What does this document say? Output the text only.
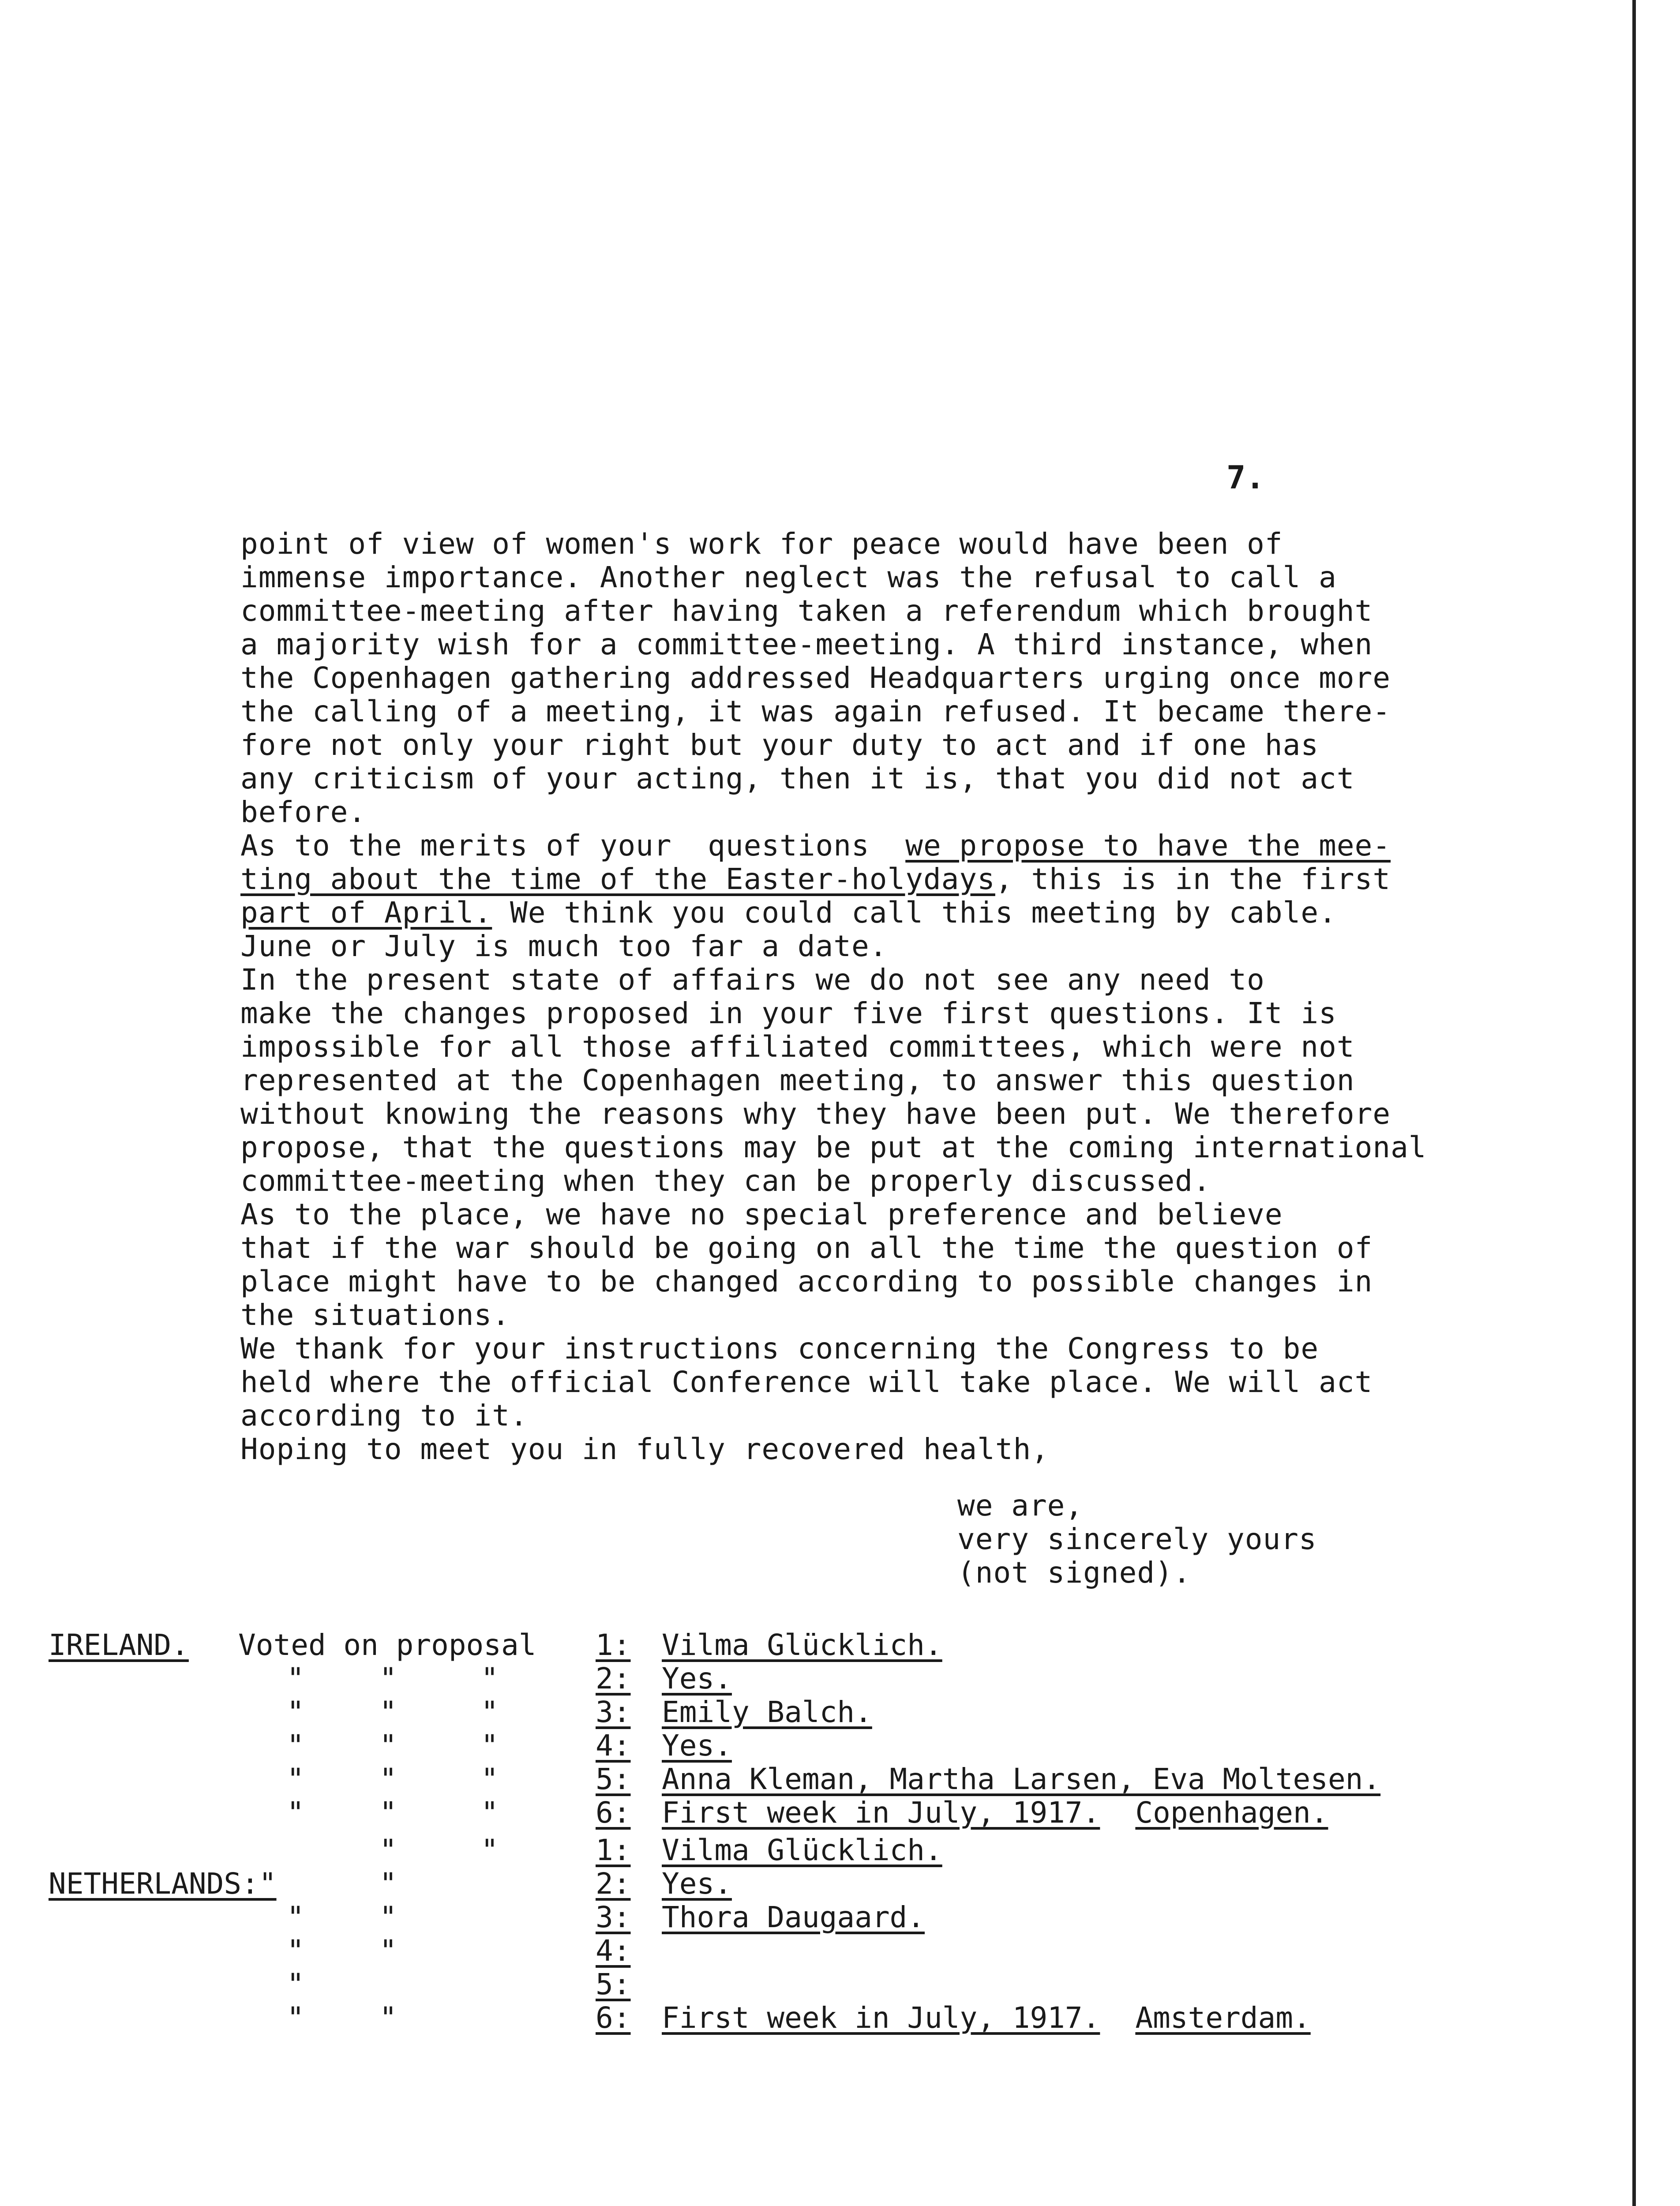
7.
point of view of women's work for peace would have been of
immense importance. Another neglect was the refusal to call a
committee-meeting after having taken a referendum which brought
a majority wish for a committee-meeting. A third instance, when
the Copenhagen gathering addressed Headquarters urging once more
the calling of a meeting, it was again refused. It became there-
fore not only your right but your duty to act and if one has
any criticism of your acting, then it is, that you did not act
before.
As to the merits of your  questions  we propose to have the mee-
ting about the time of the Easter-holydays, this is in the first
part of April. We think you could call this meeting by cable.
June or July is much too far a date.
In the present state of affairs we do not see any need to
make the changes proposed in your five first questions. It is
impossible for all those affiliated committees, which were not
represented at the Copenhagen meeting, to answer this question
without knowing the reasons why they have been put. We therefore
propose, that the questions may be put at the coming international
committee-meeting when they can be properly discussed.
As to the place, we have no special preference and believe
that if the war should be going on all the time the question of
place might have to be changed according to possible changes in
the situations.
We thank for your instructions concerning the Congress to be
held where the official Conference will take place. We will act
according to it.
Hoping to meet you in fully recovered health,
we are,
very sincerely yours
(not signed).
IRELAND. Voted on proposal 1: Vilma Glücklich.
"	"	"	2: Yes.
"	"	"	3: Emily Balch.
"	"	"	4: Yes.
"	"	"	5: Anna Kleman, Martha Larsen, Eva Moltesen.
"	"	"	6: First week in July, 1917. Copenhagen.
"	"	1: Vilma Glücklich.
NETHERLANDS:"	"	2: Yes.
"	"	3: Thora Daugaard.
"	"	4:
"	5:
"	"	6: First week in July, 1917. Amsterdam.
